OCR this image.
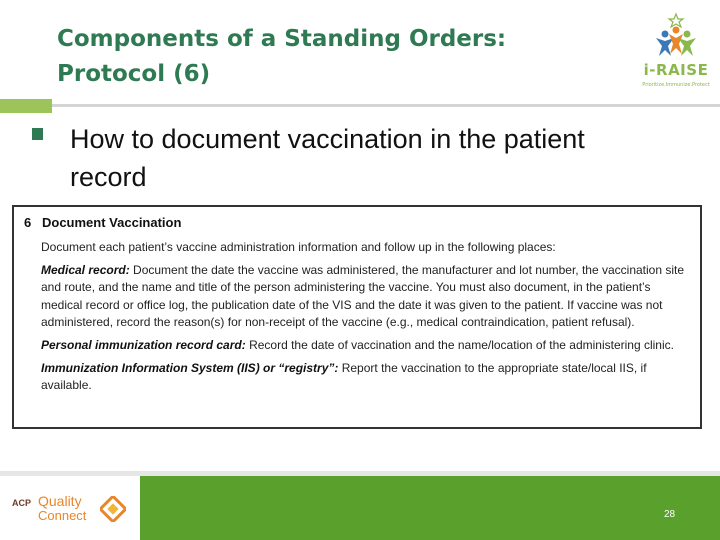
Components of a Standing Orders:
Protocol (6)	i-RAISE
Prioritize.Immunize.Protect
How to document vaccination in the patient
record
6 Document Vaccination

Document each patient’s vaccine administration information and follow up in the following places:

Medical record: Document the date the vaccine was administered, the manufacturer and lot number, the vaccination site and route, and the name and title of the person administering the vaccine. You must also document, in the patient’s medical record or office log, the publication date of the VIS and the date it was given to the patient. If vaccine was not administered, record the reason(s) for non-receipt of the vaccine (e.g., medical contraindication, patient refusal).

Personal immunization record card: Record the date of vaccination and the name/location of the administering clinic.

Immunization Information System (IIS) or “registry”: Report the vaccination to the appropriate state/local IIS, if available.

ACP Quality
Connect	28
